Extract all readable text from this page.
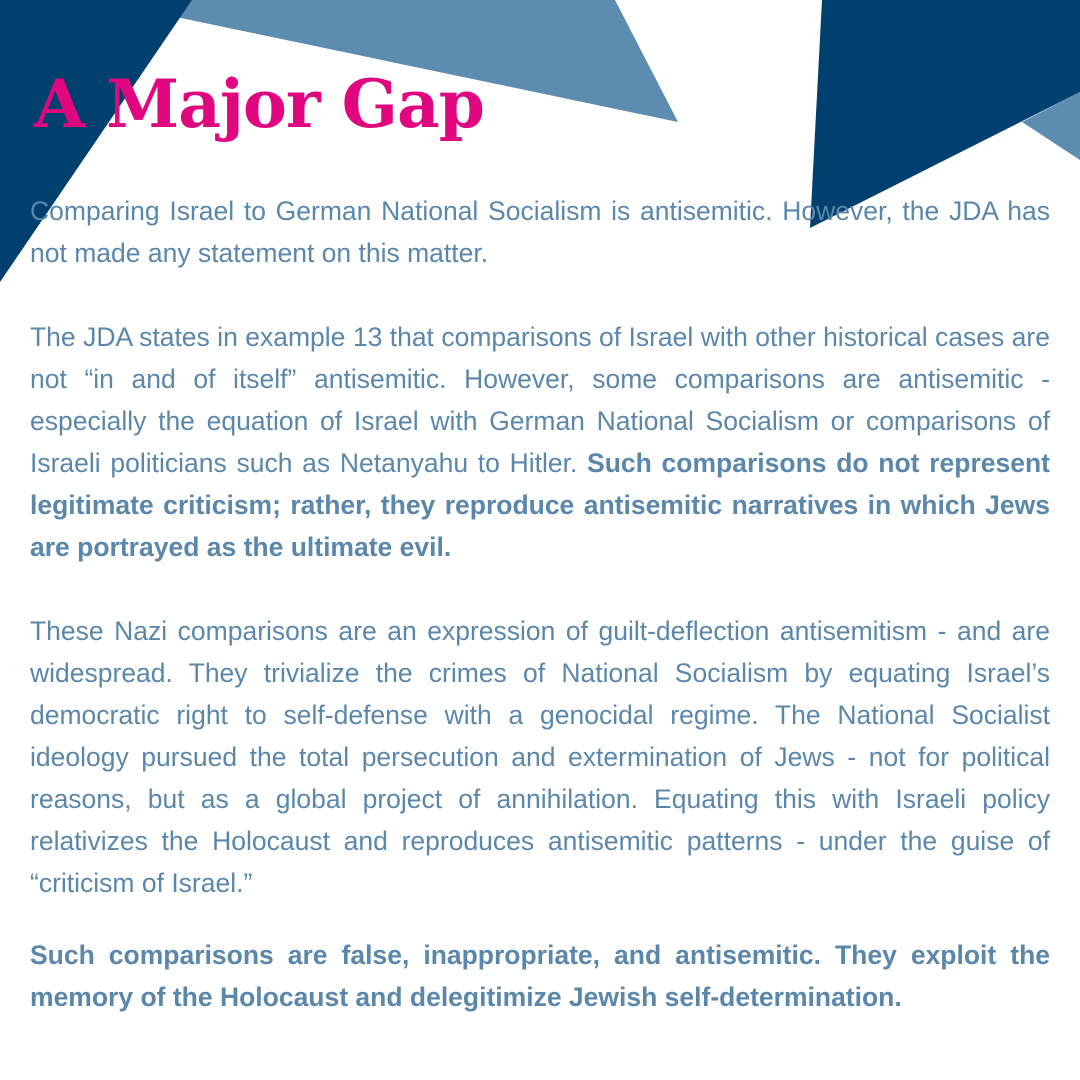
A Major Gap

Comparing Israel to German National Socialism is antisemitic. However, the JDA has not made any statement on this matter.

The JDA states in example 13 that comparisons of Israel with other historical cases are not “in and of itself” antisemitic. However, some comparisons are antisemitic - especially the equation of Israel with German National Socialism or comparisons of Israeli politicians such as Netanyahu to Hitler. Such comparisons do not represent legitimate criticism; rather, they reproduce antisemitic narratives in which Jews are portrayed as the ultimate evil.

These Nazi comparisons are an expression of guilt-deflection antisemitism - and are widespread. They trivialize the crimes of National Socialism by equating Israel’s democratic right to self-defense with a genocidal regime. The National Socialist ideology pursued the total persecution and extermination of Jews - not for political reasons, but as a global project of annihilation. Equating this with Israeli policy relativizes the Holocaust and reproduces antisemitic patterns - under the guise of “criticism of Israel.”

Such comparisons are false, inappropriate, and antisemitic. They exploit the memory of the Holocaust and delegitimize Jewish self-determination.
